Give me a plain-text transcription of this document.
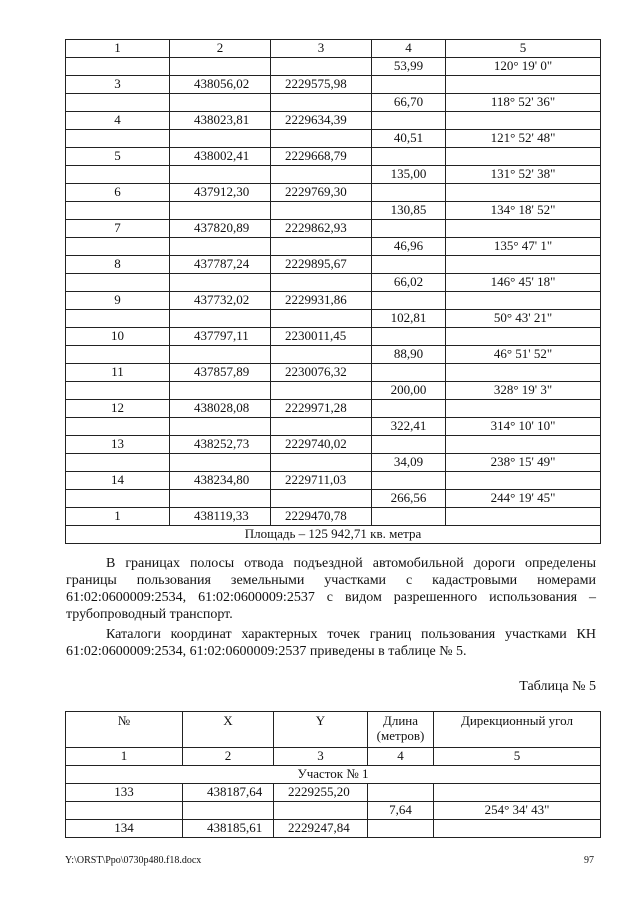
1	2	3	4	5
			53,99	120° 19' 0"
3	438056,02	2229575,98		
			66,70	118° 52' 36"
4	438023,81	2229634,39		
			40,51	121° 52' 48"
5	438002,41	2229668,79		
			135,00	131° 52' 38"
6	437912,30	2229769,30		
			130,85	134° 18' 52"
7	437820,89	2229862,93		
			46,96	135° 47' 1"
8	437787,24	2229895,67		
			66,02	146° 45' 18"
9	437732,02	2229931,86		
			102,81	50° 43' 21"
10	437797,11	2230011,45		
			88,90	46° 51' 52"
11	437857,89	2230076,32		
			200,00	328° 19' 3"
12	438028,08	2229971,28		
			322,41	314° 10' 10"
13	438252,73	2229740,02		
			34,09	238° 15' 49"
14	438234,80	2229711,03		
			266,56	244° 19' 45"
1	438119,33	2229470,78		
Площадь – 125 942,71 кв. метра				
В границах полосы отвода подъездной автомобильной дороги определены границы пользования земельными участками с кадастровыми номерами 61:02:0600009:2534, 61:02:0600009:2537 с видом разрешенного использования – трубопроводный транспорт.
Каталоги координат характерных точек границ пользования участками КН 61:02:0600009:2534, 61:02:0600009:2537 приведены в таблице № 5.
Таблица № 5
№	X	Y	Длина (метров)	Дирекционный угол
1	2	3	4	5
Участок № 1				
133	438187,64	2229255,20		
			7,64	254° 34' 43"
134	438185,61	2229247,84		
Y:\ORST\Ppo\0730p480.f18.docx	97
